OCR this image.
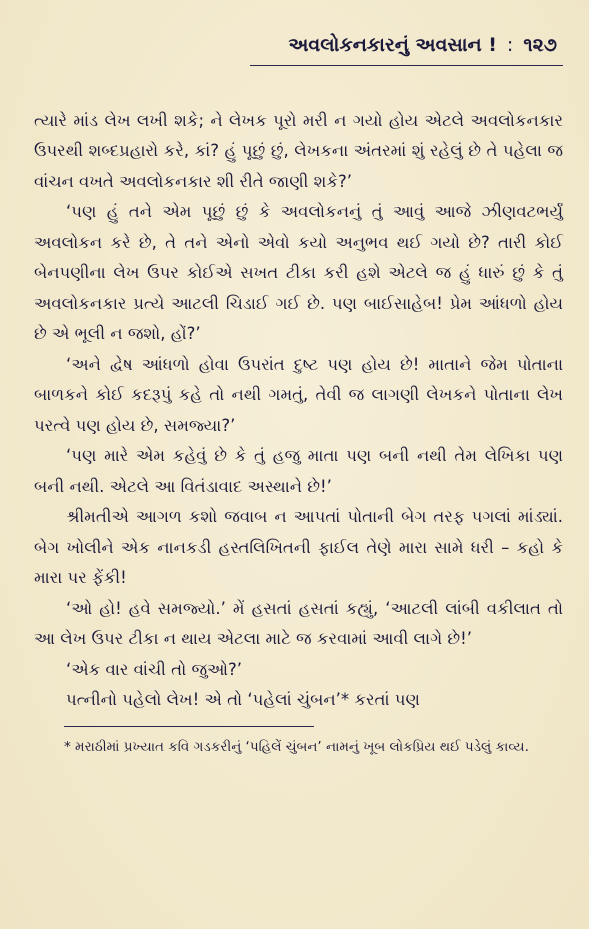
અવલોકનકારનું અવસાન ! : ૧૨૭

ત્યારે માંડ લેખ લખી શકે; ને લેખક પૂરો મરી ન ગયો હોય એટલે અવલોકનકાર ઉપરથી શબ્દપ્રહારો કરે, કાં? હું પૂછું છું, લેખકના અંતરમાં શું રહેલું છે તે પહેલા જ વાંચન વખતે અવલોકનકાર શી રીતે જાણી શકે?’

‘પણ હું તને એમ પૂછું છું કે અવલોકનનું તું આવું આજે ઝીણવટભર્યું અવલોકન કરે છે, તે તને એનો એવો કયો અનુભવ થઈ ગયો છે? તારી કોઈ બેનપણીના લેખ ઉપર કોઈએ સખત ટીકા કરી હશે એટલે જ હું ધારું છું કે તું અવલોકનકાર પ્રત્યે આટલી ચિડાઈ ગઈ છે. પણ બાઈસાહેબ! પ્રેમ આંધળો હોય છે એ ભૂલી ન જશો, હોં?’

‘અને દ્વેષ આંધળો હોવા ઉપરાંત દુષ્ટ પણ હોય છે! માતાને જેમ પોતાના બાળકને કોઈ કદરૂપું કહે તો નથી ગમતું, તેવી જ લાગણી લેખકને પોતાના લેખ પરત્વે પણ હોય છે, સમજ્યા?’

‘પણ મારે એમ કહેવું છે કે તું હજુ માતા પણ બની નથી તેમ લેખિકા પણ બની નથી. એટલે આ વિતંડાવાદ અસ્થાને છે!’

શ્રીમતીએ આગળ કશો જવાબ ન આપતાં પોતાની બેગ તરફ પગલાં માંડ્યાં. બેગ ખોલીને એક નાનકડી હસ્તલિખિતની ફાઈલ તેણે મારા સામે ધરી – કહો કે મારા પર ફેંકી!

‘ઓ હો! હવે સમજ્યો.’ મેં હસતાં હસતાં કહ્યું, ‘આટલી લાંબી વકીલાત તો આ લેખ ઉપર ટીકા ન થાય એટલા માટે જ કરવામાં આવી લાગે છે!’

‘એક વાર વાંચી તો જુઓ?’

પત્નીનો પહેલો લેખ! એ તો ‘પહેલાં ચુંબન’* કરતાં પણ

* મરાઠીમાં પ્રખ્યાત કવિ ગડકરીનું ‘પહિલેં ચુંબન’ નામનું ખૂબ લોકપ્રિય થઈ પડેલું કાવ્ય.
